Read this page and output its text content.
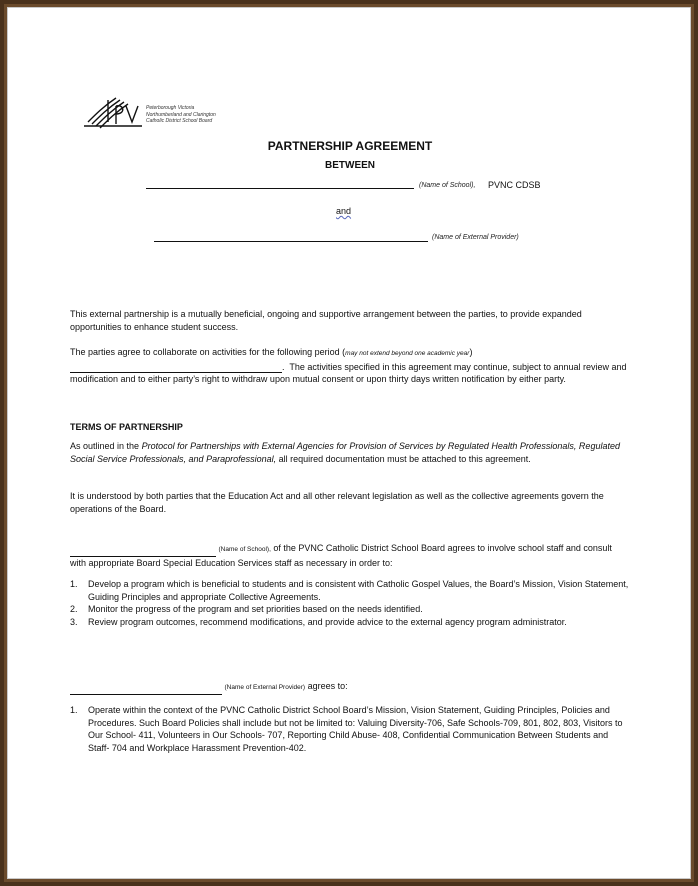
Peterborough Victoria
Northumberland and Clarington
Catholic District School Board
PARTNERSHIP AGREEMENT
BETWEEN
(Name of School), PVNC CDSB
and
(Name of External Provider)
This external partnership is a mutually beneficial, ongoing and supportive arrangement between the parties, to provide expanded opportunities to enhance student success.
The parties agree to collaborate on activities for the following period (may not extend beyond one academic year)
.  The activities specified in this agreement may continue, subject to annual review and modification and to either party’s right to withdraw upon mutual consent or upon thirty days written notification by either party.
TERMS OF PARTNERSHIP
As outlined in the Protocol for Partnerships with External Agencies for Provision of Services by Regulated Health Professionals, Regulated Social Service Professionals, and Paraprofessional, all required documentation must be attached to this agreement.
It is understood by both parties that the Education Act and all other relevant legislation as well as the collective agreements govern the operations of the Board.
(Name of School), of the PVNC Catholic District School Board agrees to involve school staff and consult with appropriate Board Special Education Services staff as necessary in order to:
1.	Develop a program which is beneficial to students and is consistent with Catholic Gospel Values, the Board’s Mission, Vision Statement, Guiding Principles and appropriate Collective Agreements.
2.	Monitor the progress of the program and set priorities based on the needs identified.
3.	Review program outcomes, recommend modifications, and provide advice to the external agency program administrator.
(Name of External Provider) agrees to:
1.	Operate within the context of the PVNC Catholic District School Board’s Mission, Vision Statement, Guiding Principles, Policies and Procedures. Such Board Policies shall include but not be limited to: Valuing Diversity-706, Safe Schools-709, 801, 802, 803, Visitors to Our School- 411, Volunteers in Our Schools- 707, Reporting Child Abuse- 408, Confidential Communication Between Students and Staff- 704 and Workplace Harassment Prevention-402.
